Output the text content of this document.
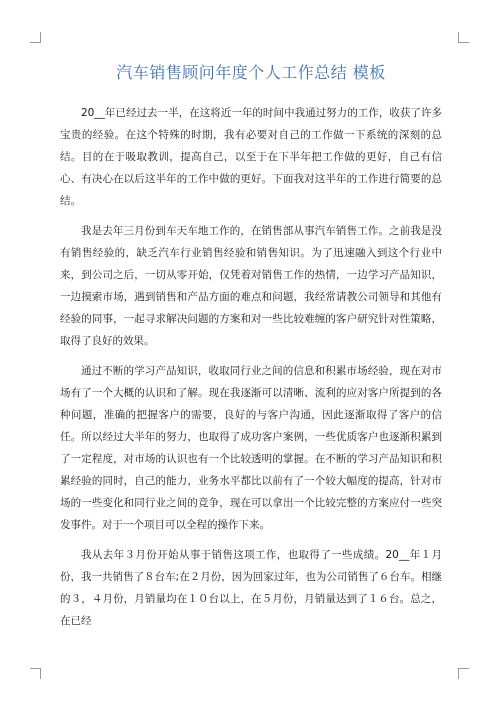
汽车销售顾问年度个人工作总结 模板

20__年已经过去一半，在这将近一年的时间中我通过努力的工作，收获了许多宝贵的经验。在这个特殊的时期，我有必要对自己的工作做一下系统的深刻的总结。目的在于吸取教训，提高自己，以至于在下半年把工作做的更好，自己有信心、有决心在以后这半年的工作中做的更好。下面我对这半年的工作进行简要的总结。

我是去年三月份到车天车地工作的，在销售部从事汽车销售工作。之前我是没有销售经验的，缺乏汽车行业销售经验和销售知识。为了迅速融入到这个行业中来，到公司之后，一切从零开始，仅凭着对销售工作的热情，一边学习产品知识，一边摸索市场，遇到销售和产品方面的难点和问题，我经常请教公司领导和其他有经验的同事，一起寻求解决问题的方案和对一些比较难缠的客户研究针对性策略，取得了良好的效果。

通过不断的学习产品知识，收取同行业之间的信息和积累市场经验，现在对市场有了一个大概的认识和了解。现在我逐渐可以清晰、流利的应对客户所提到的各种问题，准确的把握客户的需要，良好的与客户沟通，因此逐渐取得了客户的信任。所以经过大半年的努力，也取得了成功客户案例，一些优质客户也逐渐积累到了一定程度，对市场的认识也有一个比较透明的掌握。在不断的学习产品知识和积累经验的同时，自己的能力，业务水平都比以前有了一个较大幅度的提高，针对市场的一些变化和同行业之间的竞争，现在可以拿出一个比较完整的方案应付一些突发事件。对于一个项目可以全程的操作下来。

我从去年３月份开始从事于销售这项工作，也取得了一些成绩。20__年１月份，我一共销售了８台车;在２月份，因为回家过年，也为公司销售了６台车。相继的３，４月份，月销量均在１０台以上，在５月份，月销量达到了１６台。总之，在已经
